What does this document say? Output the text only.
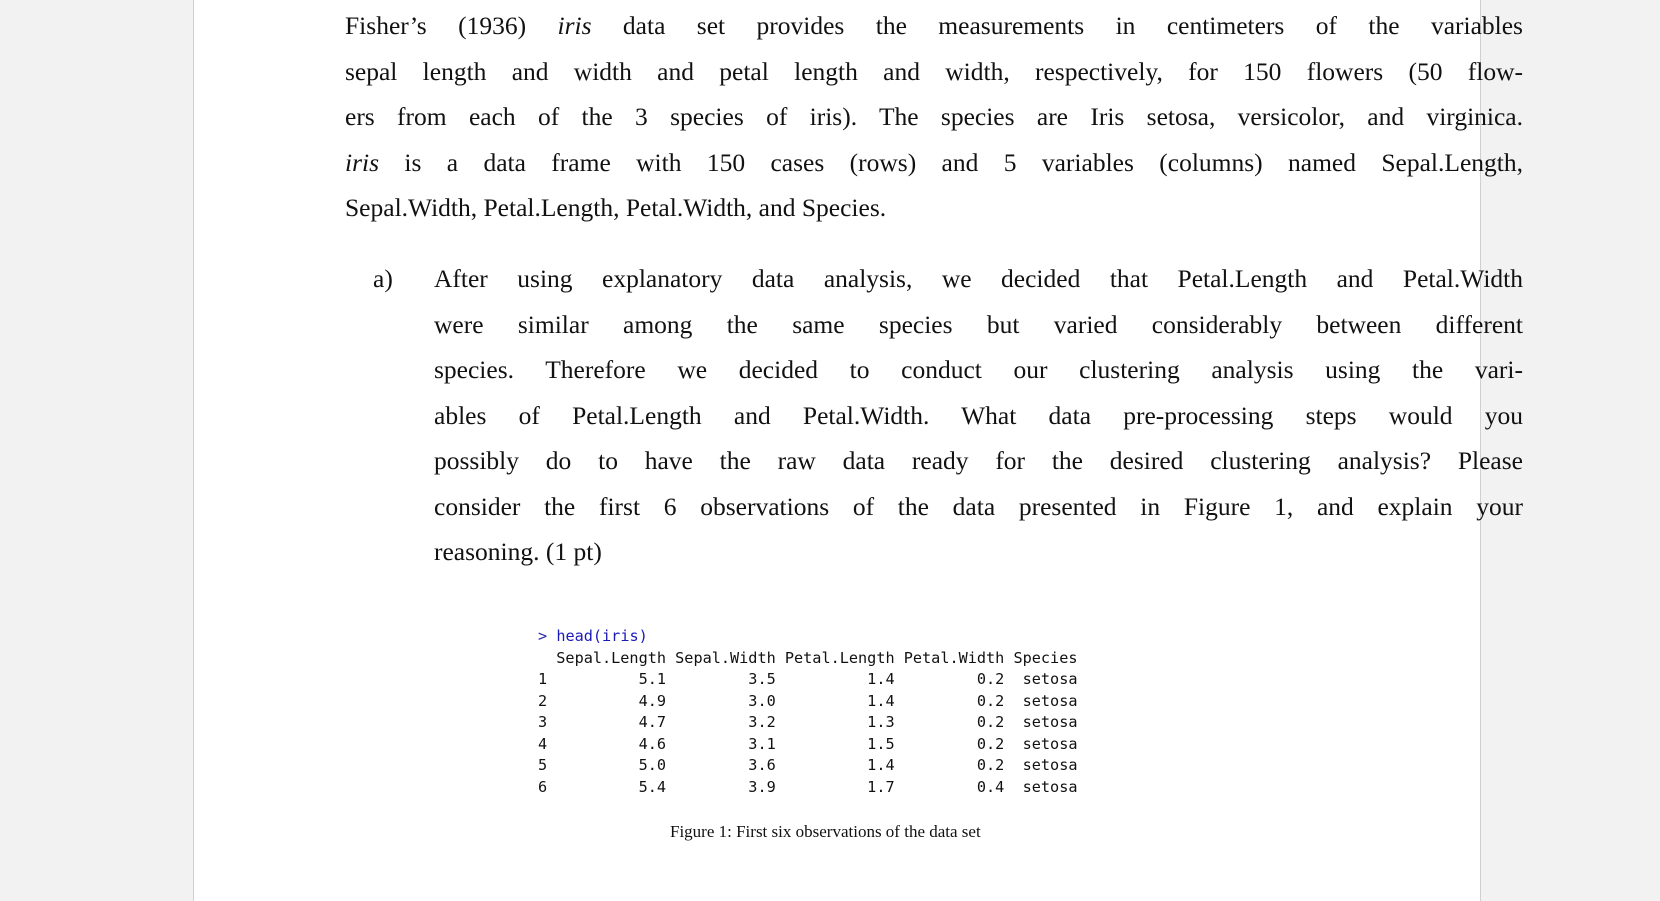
Fisher’s (1936) iris data set provides the measurements in centimeters of the variables
sepal length and width and petal length and width, respectively, for 150 flowers (50 flow-
ers from each of the 3 species of iris). The species are Iris setosa, versicolor, and virginica.
iris is a data frame with 150 cases (rows) and 5 variables (columns) named Sepal.Length,
Sepal.Width, Petal.Length, Petal.Width, and Species.
a) After using explanatory data analysis, we decided that Petal.Length and Petal.Width
were similar among the same species but varied considerably between different
species. Therefore we decided to conduct our clustering analysis using the vari-
ables of Petal.Length and Petal.Width. What data pre-processing steps would you
possibly do to have the raw data ready for the desired clustering analysis? Please
consider the first 6 observations of the data presented in Figure 1, and explain your
reasoning. (1 pt)
> head(iris)
Sepal.Length Sepal.Width Petal.Length Petal.Width Species
1          5.1         3.5          1.4         0.2  setosa
2          4.9         3.0          1.4         0.2  setosa
3          4.7         3.2          1.3         0.2  setosa
4          4.6         3.1          1.5         0.2  setosa
5          5.0         3.6          1.4         0.2  setosa
6          5.4         3.9          1.7         0.4  setosa
Figure 1: First six observations of the data set
